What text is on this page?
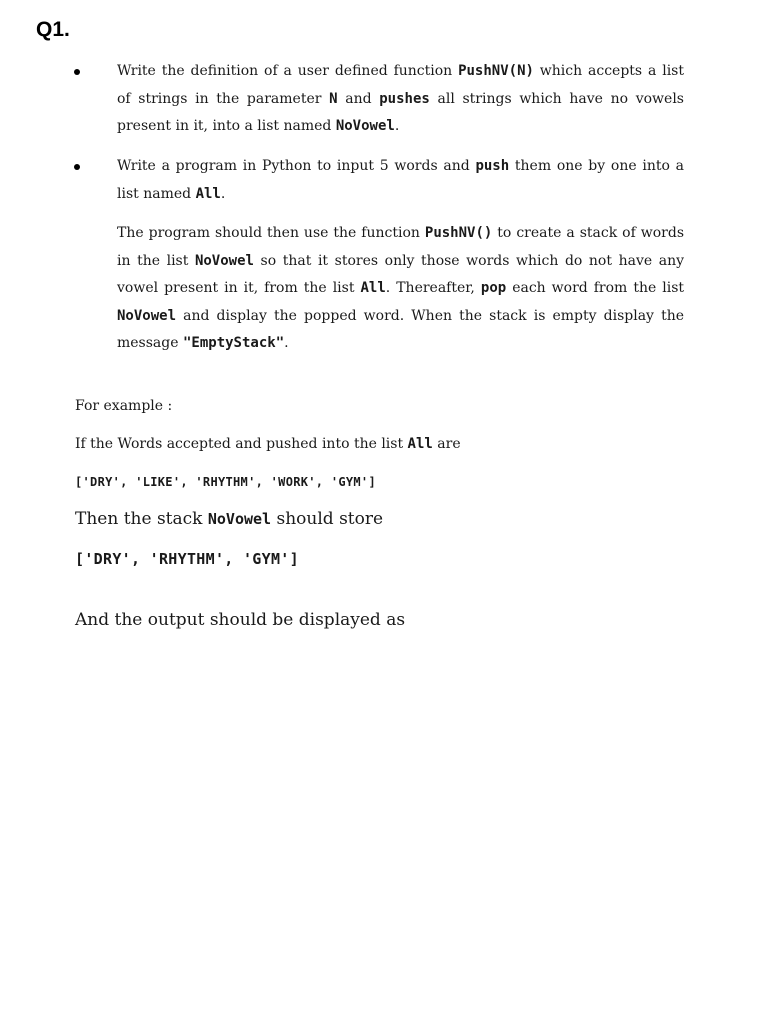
Q1.
Write the definition of a user defined function PushNV(N) which accepts a list of strings in the parameter N and pushes all strings which have no vowels present in it, into a list named NoVowel.
Write a program in Python to input 5 words and push them one by one into a list named All.
The program should then use the function PushNV() to create a stack of words in the list NoVowel so that it stores only those words which do not have any vowel present in it, from the list All. Thereafter, pop each word from the list NoVowel and display the popped word. When the stack is empty display the message "EmptyStack".
For example :
If the Words accepted and pushed into the list All are
['DRY', 'LIKE', 'RHYTHM', 'WORK', 'GYM']
Then the stack NoVowel should store
['DRY', 'RHYTHM', 'GYM']
And the output should be displayed as
